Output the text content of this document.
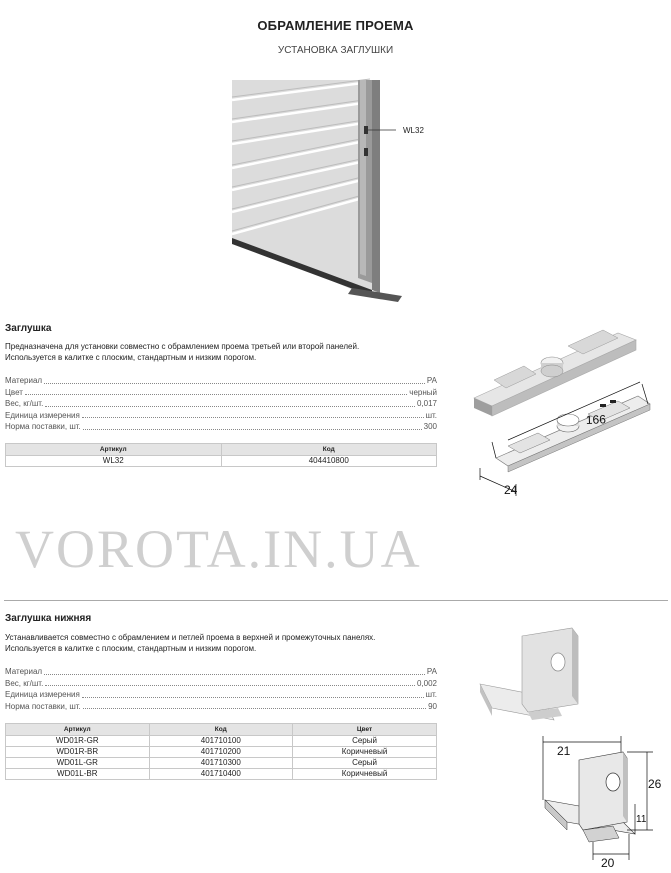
ОБРАМЛЕНИЕ ПРОЕМА
УСТАНОВКА ЗАГЛУШКИ
WL32
Заглушка
Предназначена для установки совместно с обрамлением проема третьей или второй панелей.
Используется в калитке с плоским, стандартным и низким порогом.
Материал	PA
Цвет	черный
Вес, кг/шт.	0,017
Единица измерения	шт.
Норма поставки, шт.	300
Артикул	Код
WL32	404410800
166
24
VOROTA.IN.UA
Заглушка нижняя
Устанавливается совместно с обрамлением и петлей проема в верхней и промежуточных панелях.
Используется в калитке с плоским, стандартным и низким порогом.
Материал	PA
Вес, кг/шт.	0,002
Единица измерения	шт.
Норма поставки, шт.	90
Артикул	Код	Цвет
WD01R-GR	401710100	Серый
WD01R-BR	401710200	Коричневый
WD01L-GR	401710300	Серый
WD01L-BR	401710400	Коричневый
21
26
11
20
